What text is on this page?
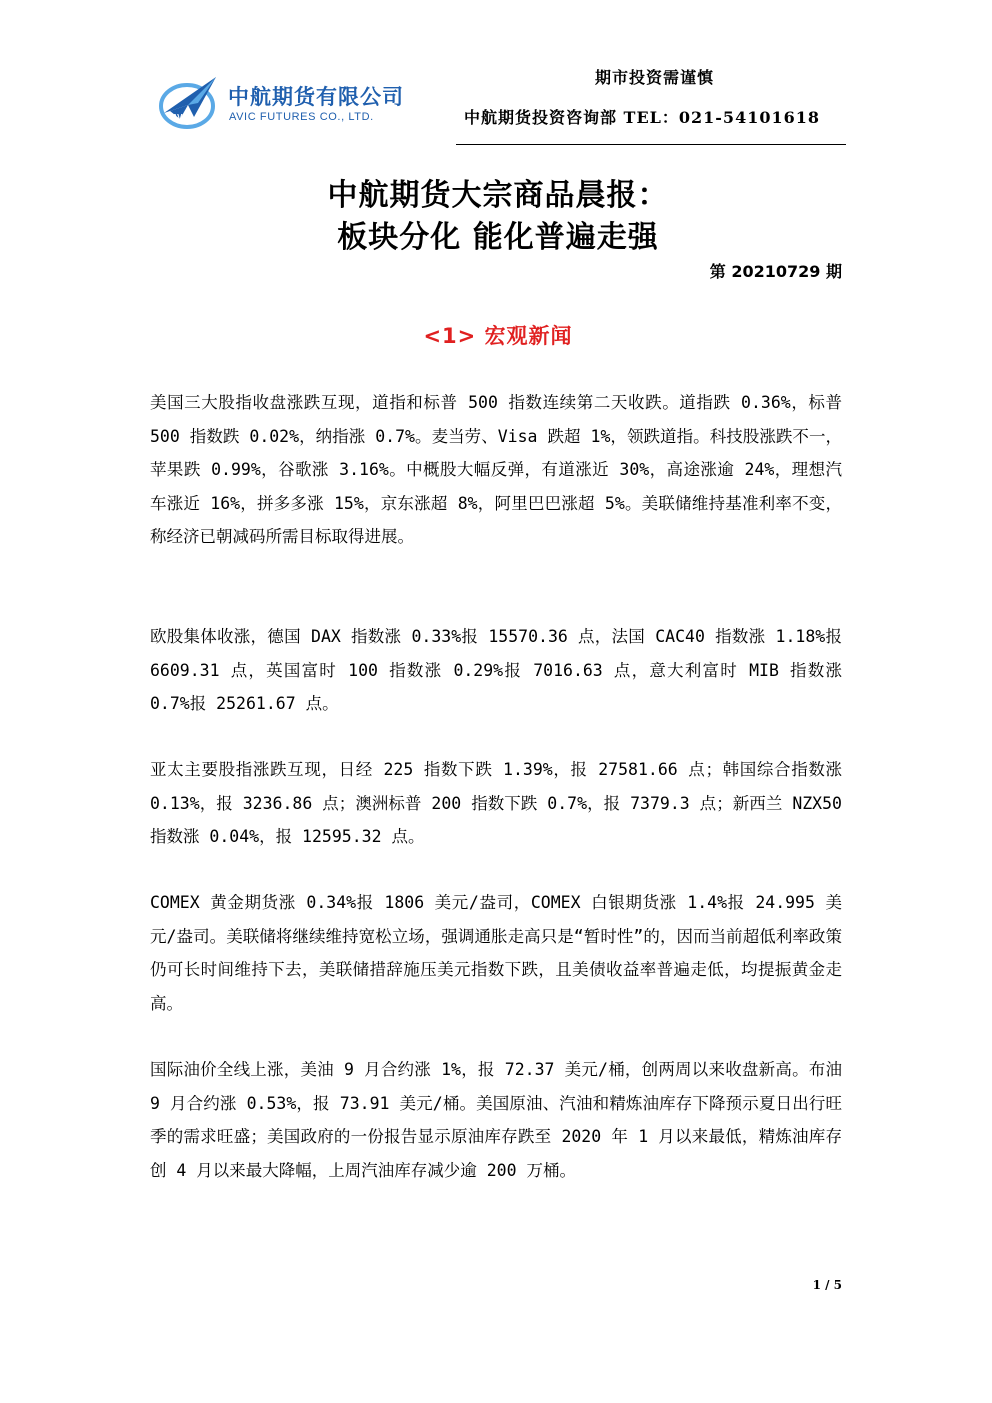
AVIC
中航期货有限公司
AVIC FUTURES CO., LTD.
期市投资需谨慎
中航期货投资咨询部 TEL：021-54101618
中航期货大宗商品晨报：
板块分化 能化普遍走强
第 20210729 期
<1> 宏观新闻

美国三大股指收盘涨跌互现，道指和标普 500 指数连续第二天收跌。道指跌 0.36%，标普 500 指数跌 0.02%，纳指涨 0.7%。麦当劳、Visa 跌超 1%，领跌道指。科技股涨跌不一，苹果跌 0.99%，谷歌涨 3.16%。中概股大幅反弹，有道涨近 30%，高途涨逾 24%，理想汽车涨近 16%，拼多多涨 15%，京东涨超 8%，阿里巴巴涨超 5%。美联储维持基准利率不变，称经济已朝减码所需目标取得进展。

欧股集体收涨，德国 DAX 指数涨 0.33%报 15570.36 点，法国 CAC40 指数涨 1.18%报 6609.31 点，英国富时 100 指数涨 0.29%报 7016.63 点，意大利富时 MIB 指数涨 0.7%报 25261.67 点。

亚太主要股指涨跌互现，日经 225 指数下跌 1.39%，报 27581.66 点；韩国综合指数涨 0.13%，报 3236.86 点；澳洲标普 200 指数下跌 0.7%，报 7379.3 点；新西兰 NZX50 指数涨 0.04%，报 12595.32 点。

COMEX 黄金期货涨 0.34%报 1806 美元/盎司，COMEX 白银期货涨 1.4%报 24.995 美元/盎司。美联储将继续维持宽松立场，强调通胀走高只是“暂时性”的，因而当前超低利率政策仍可长时间维持下去，美联储措辞施压美元指数下跌，且美债收益率普遍走低，均提振黄金走高。

国际油价全线上涨，美油 9 月合约涨 1%，报 72.37 美元/桶，创两周以来收盘新高。布油 9 月合约涨 0.53%，报 73.91 美元/桶。美国原油、汽油和精炼油库存下降预示夏日出行旺季的需求旺盛；美国政府的一份报告显示原油库存跌至 2020 年 1 月以来最低，精炼油库存创 4 月以来最大降幅，上周汽油库存减少逾 200 万桶。

1 / 5
